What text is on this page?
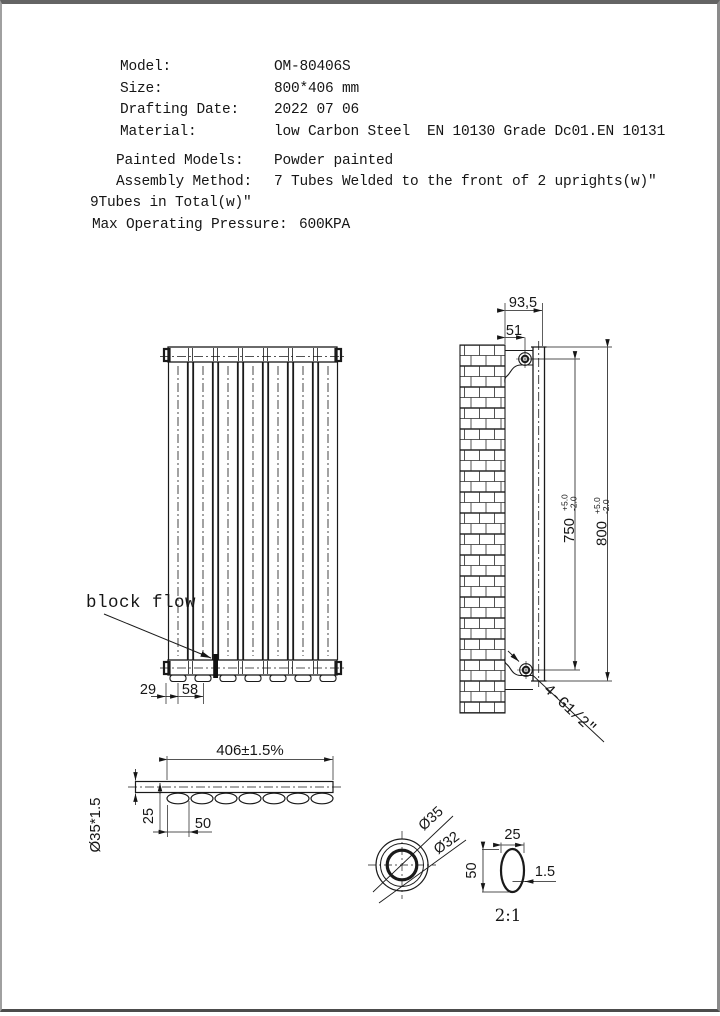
Model:	OM-80406S
Size:	800*406 mm
Drafting Date: 2022 07 06
Material:	low Carbon Steel  EN 10130 Grade Dc01.EN 10131
Painted Models: Powder painted
Assembly Method: 7 Tubes Welded to the front of 2 uprights(w)″
9Tubes in Total(w)″
Max Operating Pressure: 600KPA
block flow
29 58
93,5
51
750+5.0-2.0
800+5.0-2.0
4-G1/2″
406±1.5%
Ø35*1.5	25	50	Ø35
Ø32	25
50	1.5
2:1
